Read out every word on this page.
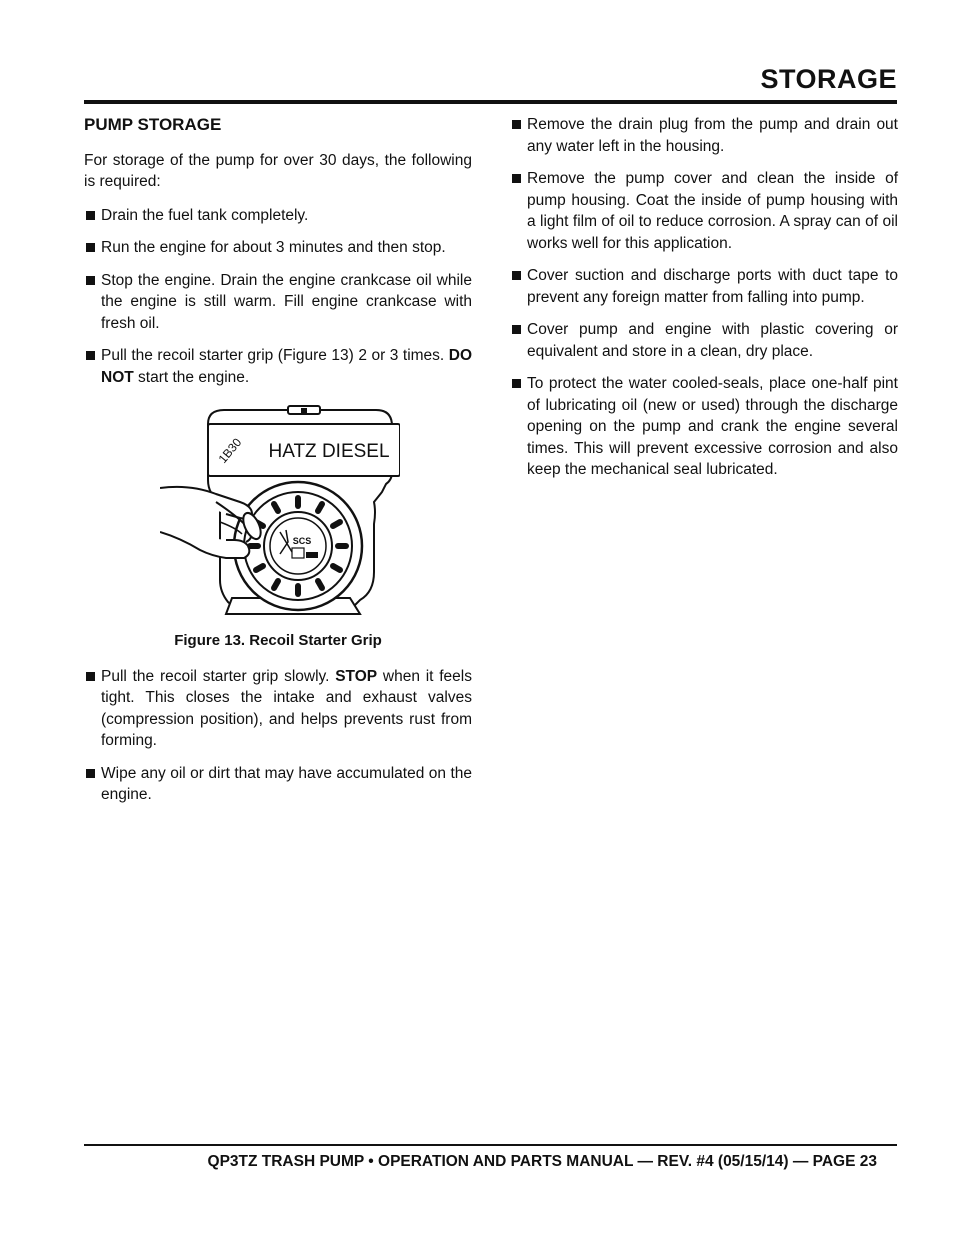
STORAGE
PUMP STORAGE

For storage of the pump for over 30 days, the following is required:

Drain the fuel tank completely.
Run the engine for about 3 minutes and then stop.
Stop the engine. Drain the engine crankcase oil while the engine is still warm. Fill engine crankcase with fresh oil.
Pull the recoil starter grip (Figure 13) 2 or 3 times. DO NOT start the engine.
HATZ DIESEL
1B30
SCS
Figure 13. Recoil Starter Grip
Pull the recoil starter grip slowly. STOP when it feels tight. This closes the intake and exhaust valves (compression position), and helps prevents rust from forming.
Wipe any oil or dirt that may have accumulated on the engine.
Remove the drain plug from the pump and drain out any water left in the housing.
Remove the pump cover and clean the inside of pump housing. Coat the inside of pump housing with a light film of oil to reduce corrosion. A spray can of oil works well for this application.
Cover suction and discharge ports with duct tape to prevent any foreign matter from falling into pump.
Cover pump and engine with plastic covering or equivalent and store in a clean, dry place.
To protect the water cooled-seals, place one-half pint of lubricating oil (new or used) through the discharge opening on the pump and crank the engine several times. This will prevent excessive corrosion and also keep the mechanical seal lubricated.
QP3TZ TRASH PUMP • OPERATION AND PARTS MANUAL — REV. #4 (05/15/14) — PAGE 23
